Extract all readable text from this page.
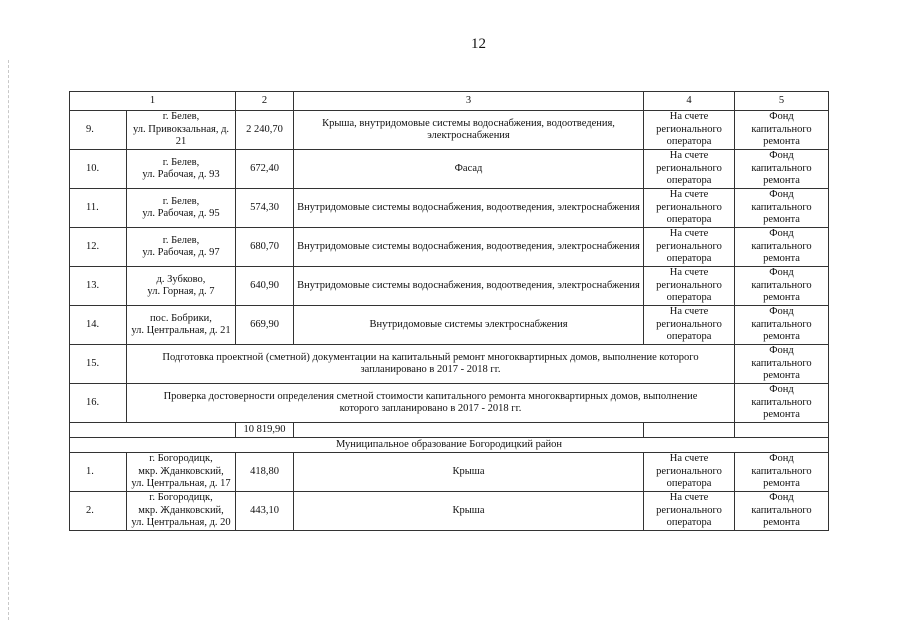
12
1		2	3	4	5
9.	г. Белев,
ул. Привокзальная, д.
21	2 240,70	Крыша, внутридомовые системы водоснабжения, водоотведения, электроснабжения	На счете
регионального
оператора	Фонд
капитального
ремонта
10.	г. Белев,
ул. Рабочая, д. 93	672,40	Фасад	На счете
регионального
оператора	Фонд
капитального
ремонта
11.	г. Белев,
ул. Рабочая, д. 95	574,30	Внутридомовые системы водоснабжения, водоотведения, электроснабжения	На счете
регионального
оператора	Фонд
капитального
ремонта
12.	г. Белев,
ул. Рабочая, д. 97	680,70	Внутридомовые системы водоснабжения, водоотведения, электроснабжения	На счете
регионального
оператора	Фонд
капитального
ремонта
13.	д. Зубково,
ул. Горная, д. 7	640,90	Внутридомовые системы водоснабжения, водоотведения, электроснабжения	На счете
регионального
оператора	Фонд
капитального
ремонта
14.	пос. Бобрики,
ул. Центральная, д. 21	669,90	Внутридомовые системы электроснабжения	На счете
регионального
оператора	Фонд
капитального
ремонта
15.	Подготовка проектной (сметной) документации на капитальный ремонт многоквартирных домов, выполнение которого запланировано в 2017 - 2018 гг.				Фонд
капитального
ремонта
16.	Проверка достоверности определения сметной стоимости капитального ремонта многоквартирных домов, выполнение которого запланировано в 2017 - 2018 гг.				Фонд
капитального
ремонта
		10 819,90			
Муниципальное образование Богородицкий район					
1.	г. Богородицк,
мкр. Жданковский,
ул. Центральная, д. 17	418,80	Крыша	На счете
регионального
оператора	Фонд
капитального
ремонта
2.	г. Богородицк,
мкр. Жданковский,
ул. Центральная, д. 20	443,10	Крыша	На счете
регионального
оператора	Фонд
капитального
ремонта
